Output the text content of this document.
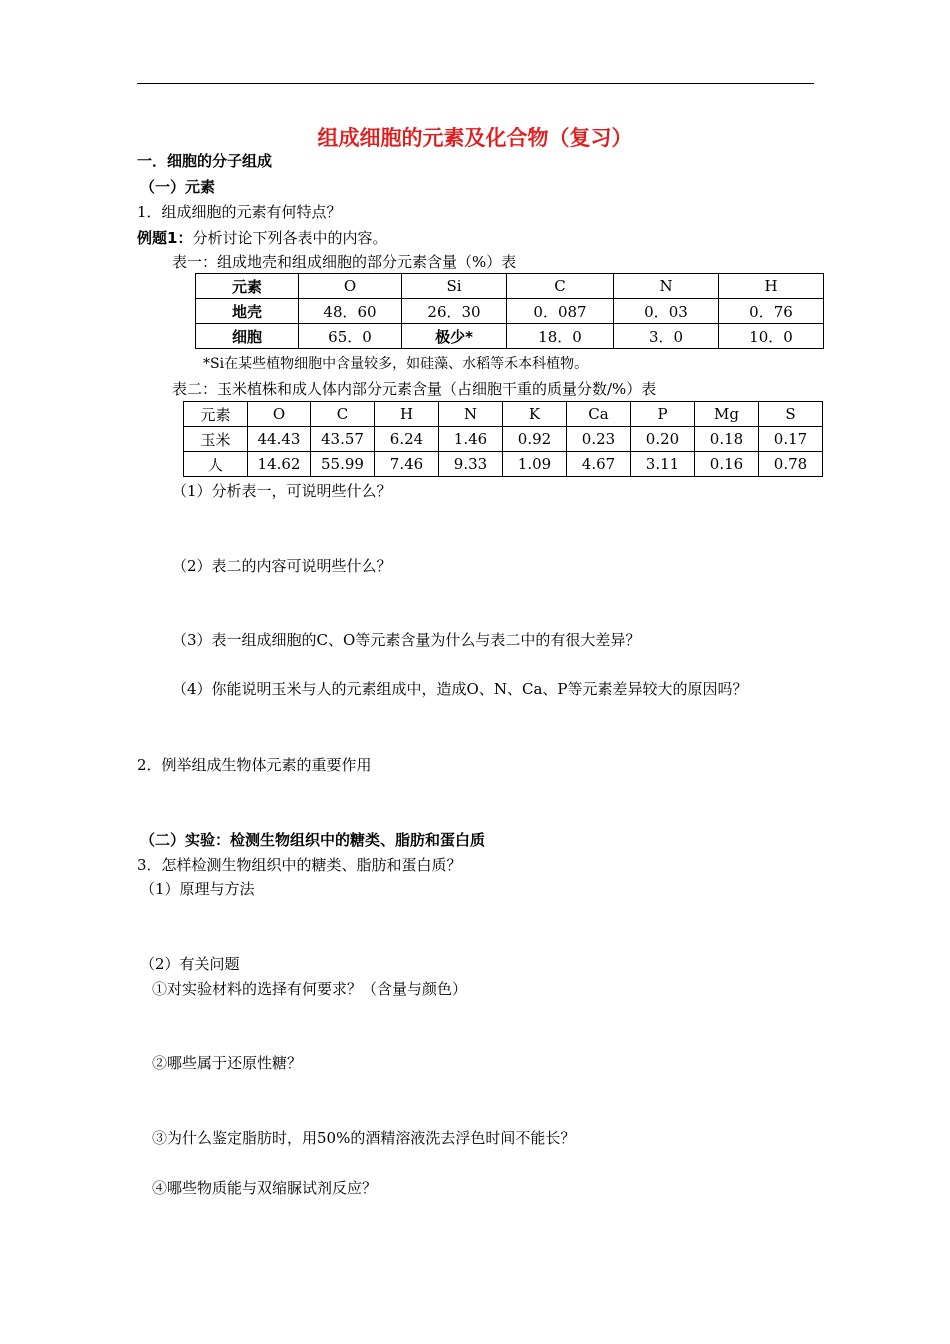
组成细胞的元素及化合物（复习）
一．细胞的分子组成
（一）元素
1．组成细胞的元素有何特点？
例题1：分析讨论下列各表中的内容。
表一：组成地壳和组成细胞的部分元素含量（%）表
元素	O	Si	C	N	H
地壳	48．60	26．30	0．087	0．03	0．76
细胞	65．0	极少*	18．0	3．0	10．0
*Si在某些植物细胞中含量较多，如硅藻、水稻等禾本科植物。
表二：玉米植株和成人体内部分元素含量（占细胞干重的质量分数/%）表
元素	O	C	H	N	K	Ca	P	Mg	S
玉米	44.43	43.57	6.24	1.46	0.92	0.23	0.20	0.18	0.17
人	14.62	55.99	7.46	9.33	1.09	4.67	3.11	0.16	0.78
（1）分析表一，可说明些什么？
（2）表二的内容可说明些什么？
（3）表一组成细胞的C、O等元素含量为什么与表二中的有很大差异？
（4）你能说明玉米与人的元素组成中，造成O、N、Ca、P等元素差异较大的原因吗？
2．例举组成生物体元素的重要作用
（二）实验：检测生物组织中的糖类、脂肪和蛋白质
3．怎样检测生物组织中的糖类、脂肪和蛋白质？
（1）原理与方法
（2）有关问题
①对实验材料的选择有何要求？（含量与颜色）
②哪些属于还原性糖？
③为什么鉴定脂肪时，用50%的酒精溶液洗去浮色时间不能长？
④哪些物质能与双缩脲试剂反应？
